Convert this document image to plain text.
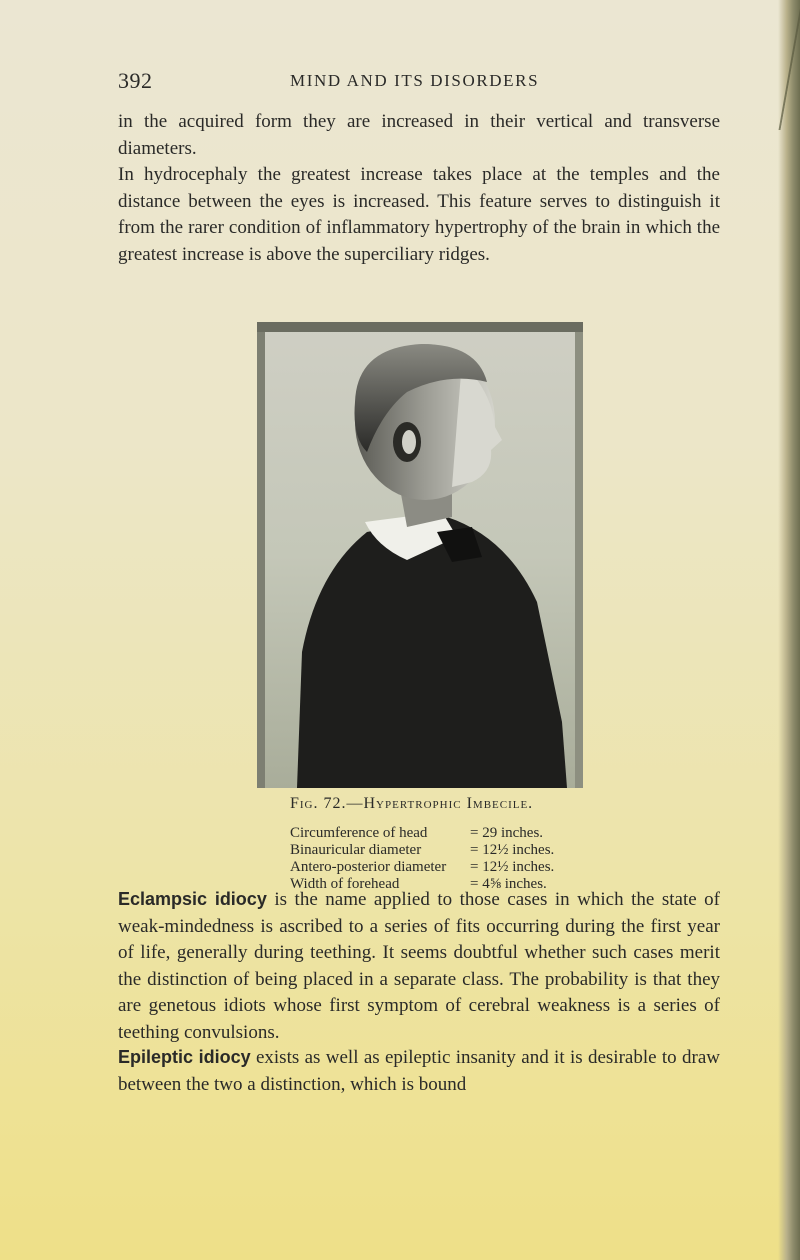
392	MIND AND ITS DISORDERS

in the acquired form they are increased in their vertical and transverse diameters.

In hydrocephaly the greatest increase takes place at the temples and the distance between the eyes is increased. This feature serves to distinguish it from the rarer condition of inflammatory hypertrophy of the brain in which the greatest increase is above the superciliary ridges.

Fig. 72.—Hypertrophic Imbecile.
Circumference of head	= 29 inches.
Binauricular diameter	= 12½ inches.
Antero-posterior diameter = 12½ inches.
Width of forehead	= 4⅝ inches.

Eclampsic idiocy is the name applied to those cases in which the state of weak-mindedness is ascribed to a series of fits occurring during the first year of life, generally during teething. It seems doubtful whether such cases merit the distinction of being placed in a separate class. The probability is that they are genetous idiots whose first symptom of cerebral weakness is a series of teething convulsions.

Epileptic idiocy exists as well as epileptic insanity and it is desirable to draw between the two a distinction, which is bound
